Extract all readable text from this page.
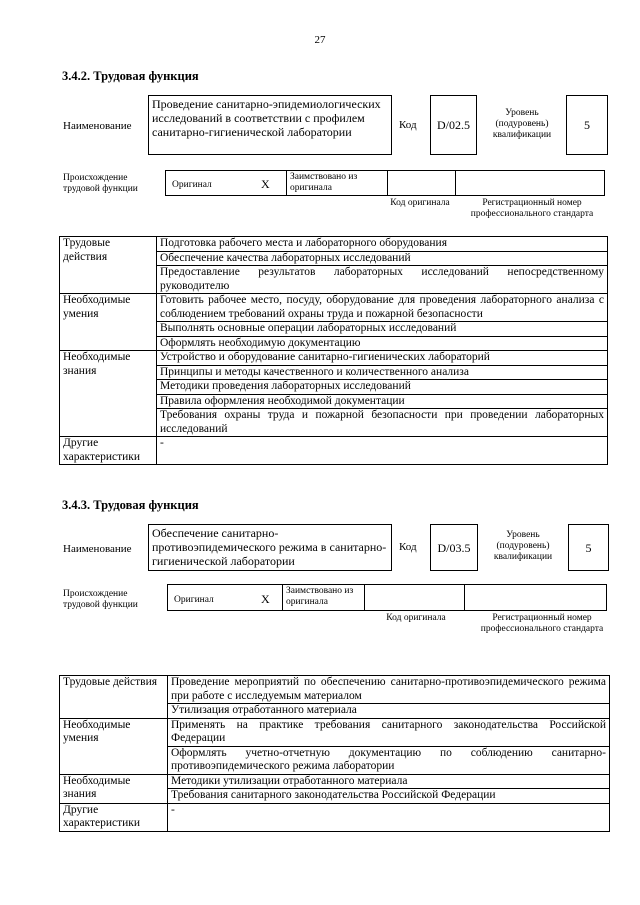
27
3.4.2. Трудовая функция
Наименование
Проведение санитарно-эпидемиологических исследований в соответствии с профилем санитарно-гигиенической лаборатории	Код	D/02.5
Уровень (подуровень) квалификации
5
Происхождение трудовой функции	Оригинал	X Заимствовано из оригинала
Код оригинала	Регистрационный номер профессионального стандарта
Трудовые действия	Подготовка рабочего места и лабораторного оборудования
	Обеспечение качества лабораторных исследований
	Предоставление результатов лабораторных исследований непосредственному руководителю
Необходимые умения	Готовить рабочее место, посуду, оборудование для проведения лабораторного анализа с соблюдением требований охраны труда и пожарной безопасности
	Выполнять основные операции лабораторных исследований
	Оформлять необходимую документацию
Необходимые знания	Устройство и оборудование санитарно-гигиенических лабораторий
	Принципы и методы качественного и количественного анализа
	Методики проведения лабораторных исследований
	Правила оформления необходимой документации
	Требования охраны труда и пожарной безопасности при проведении лабораторных исследований
Другие характеристики	-
3.4.3. Трудовая функция
Наименование
Обеспечение санитарно-противоэпидемического режима в санитарно-гигиенической лаборатории
Код	D/03.5
Уровень (подуровень) квалификации
5
Происхождение трудовой функции	Оригинал	X
Заимствовано из оригинала
Код оригинала	Регистрационный номер профессионального стандарта
Трудовые действия	Проведение мероприятий по обеспечению санитарно-противоэпидемического режима при работе с исследуемым материалом
	Утилизация отработанного материала
Необходимые умения	Применять на практике требования санитарного законодательства Российской Федерации
	Оформлять учетно-отчетную документацию по соблюдению санитарно-противоэпидемического режима лаборатории
Необходимые знания	Методики утилизации отработанного материала
	Требования санитарного законодательства Российской Федерации
Другие характеристики	-
